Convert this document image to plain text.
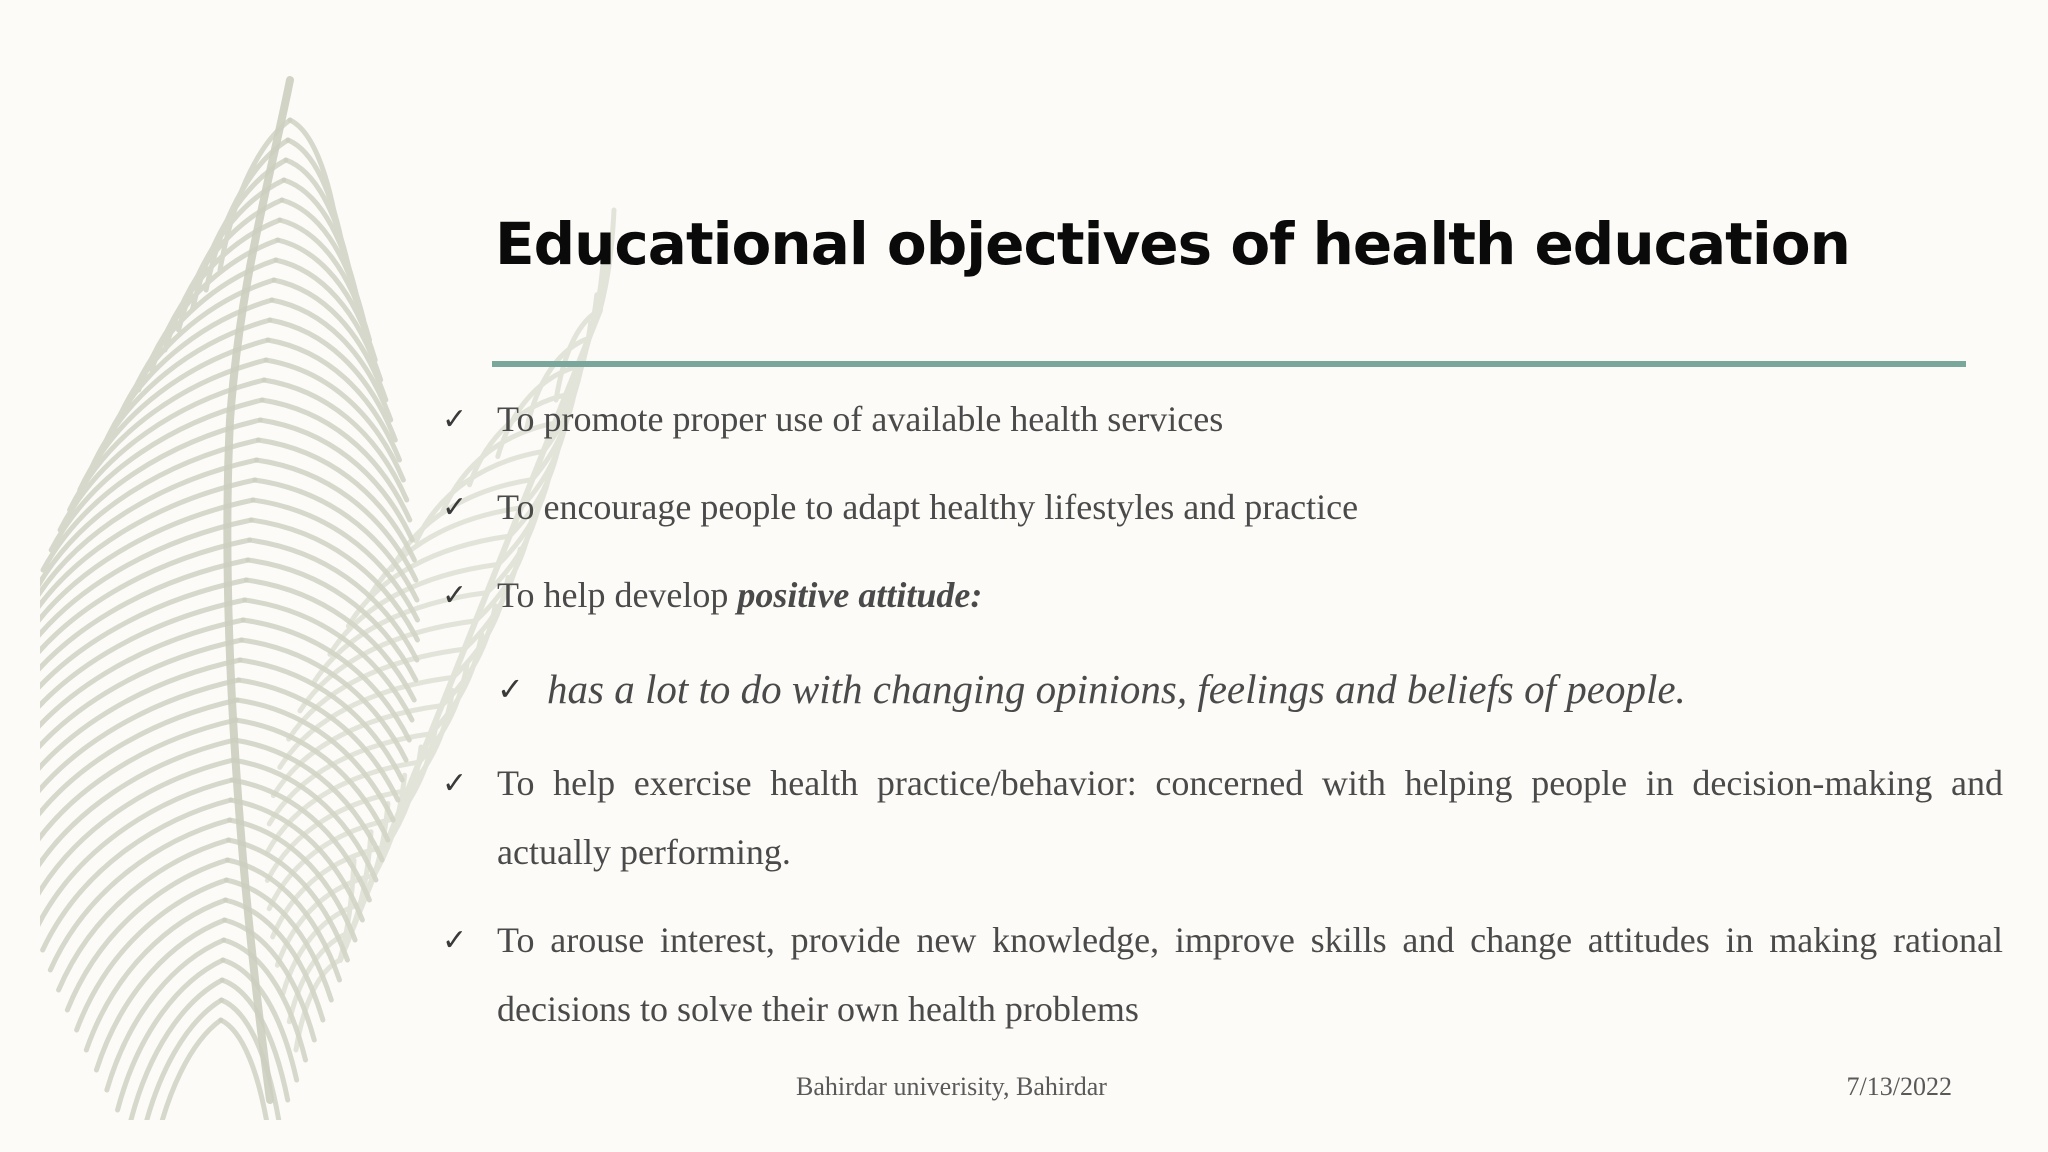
Educational objectives of health education
✓ To promote proper use of available health services
✓ To encourage people to adapt healthy lifestyles and practice
✓ To help develop positive attitude:
✓ has a lot to do with changing opinions, feelings and beliefs of people.
✓ To help exercise health practice/behavior: concerned with helping people in decision-making and actually performing.
✓ To arouse interest, provide new knowledge, improve skills and change attitudes in making rational decisions to solve their own health problems
Bahirdar univerisity, Bahirdar	7/13/2022
